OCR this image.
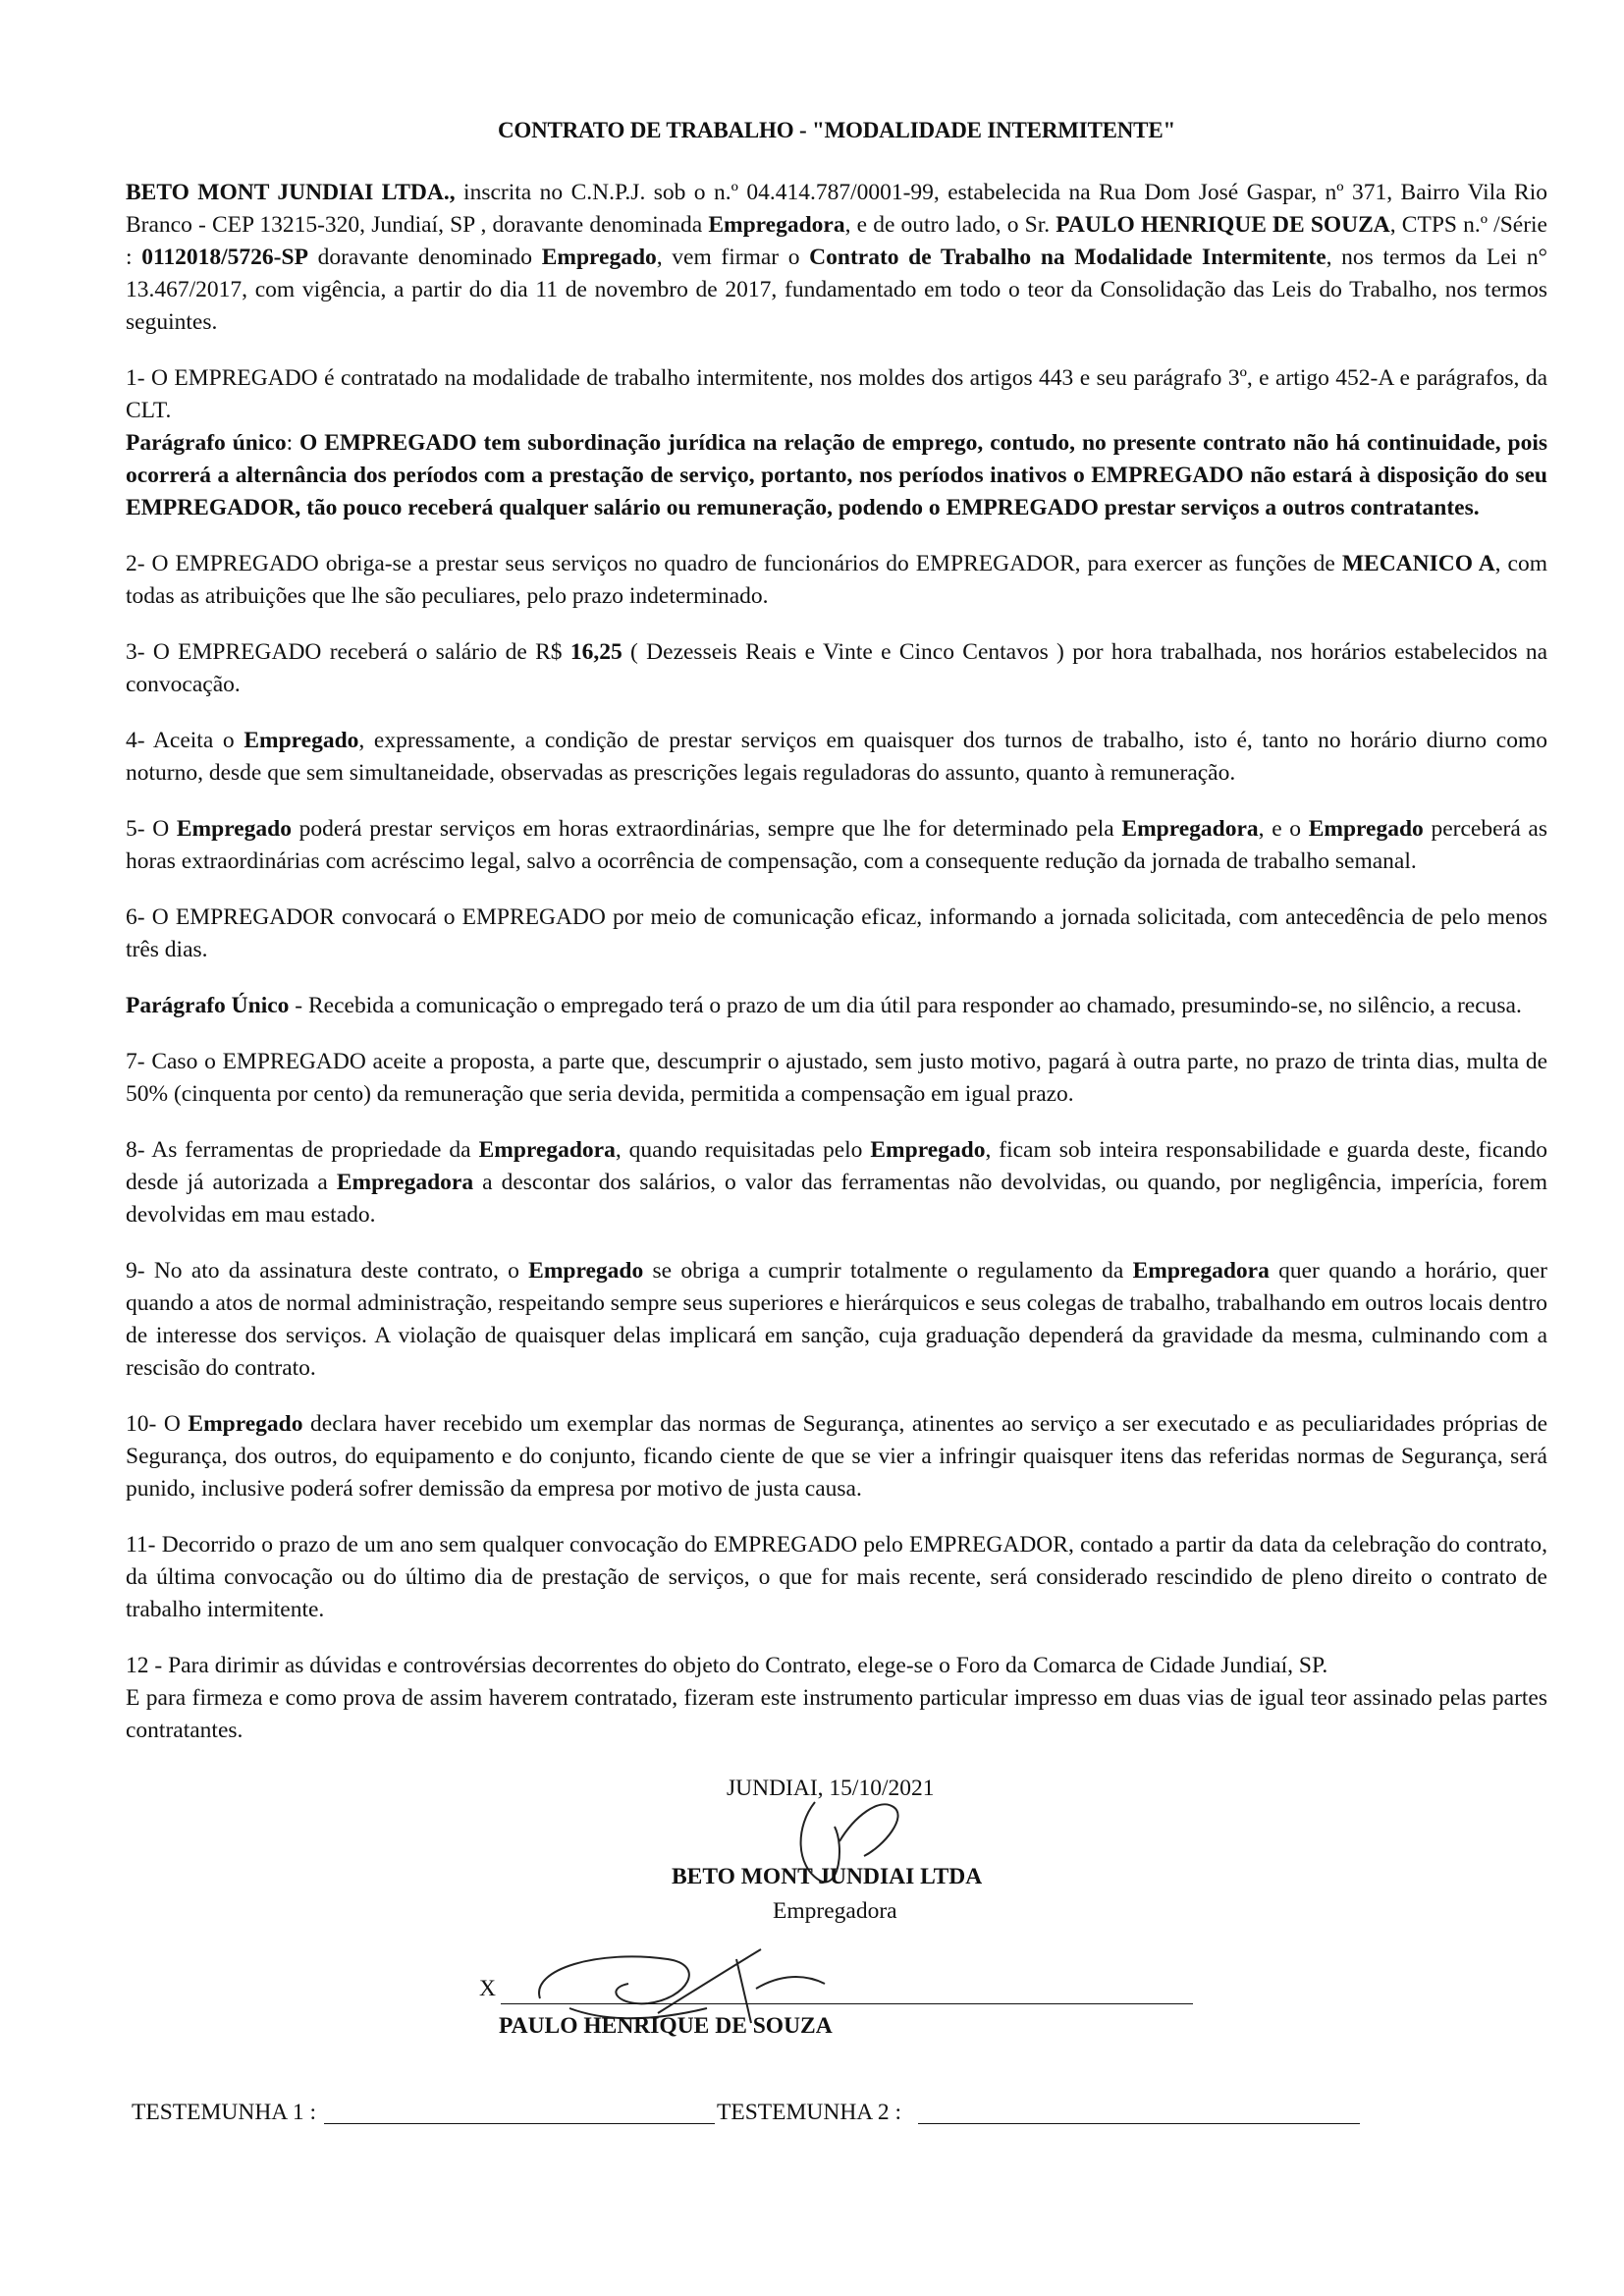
CONTRATO DE TRABALHO - "MODALIDADE INTERMITENTE"

BETO MONT JUNDIAI LTDA., inscrita no C.N.P.J. sob o n.º 04.414.787/0001-99, estabelecida na Rua Dom José Gaspar, nº 371, Bairro Vila Rio Branco - CEP 13215-320, Jundiaí, SP , doravante denominada Empregadora, e de outro lado, o Sr. PAULO HENRIQUE DE SOUZA, CTPS n.º /Série : 0112018/5726-SP doravante denominado Empregado, vem firmar o Contrato de Trabalho na Modalidade Intermitente, nos termos da Lei n° 13.467/2017, com vigência, a partir do dia 11 de novembro de 2017, fundamentado em todo o teor da Consolidação das Leis do Trabalho, nos termos seguintes.

1- O EMPREGADO é contratado na modalidade de trabalho intermitente, nos moldes dos artigos 443 e seu parágrafo 3º, e artigo 452-A e parágrafos, da CLT.

Parágrafo único: O EMPREGADO tem subordinação jurídica na relação de emprego, contudo, no presente contrato não há continuidade, pois ocorrerá a alternância dos períodos com a prestação de serviço, portanto, nos períodos inativos o EMPREGADO não estará à disposição do seu EMPREGADOR, tão pouco receberá qualquer salário ou remuneração, podendo o EMPREGADO prestar serviços a outros contratantes.

2- O EMPREGADO obriga-se a prestar seus serviços no quadro de funcionários do EMPREGADOR, para exercer as funções de MECANICO A, com todas as atribuições que lhe são peculiares, pelo prazo indeterminado.

3- O EMPREGADO receberá o salário de R$ 16,25 ( Dezesseis Reais e Vinte e Cinco Centavos ) por hora trabalhada, nos horários estabelecidos na convocação.

4- Aceita o Empregado, expressamente, a condição de prestar serviços em quaisquer dos turnos de trabalho, isto é, tanto no horário diurno como noturno, desde que sem simultaneidade, observadas as prescrições legais reguladoras do assunto, quanto à remuneração.

5- O Empregado poderá prestar serviços em horas extraordinárias, sempre que lhe for determinado pela Empregadora, e o Empregado perceberá as horas extraordinárias com acréscimo legal, salvo a ocorrência de compensação, com a consequente redução da jornada de trabalho semanal.

6- O EMPREGADOR convocará o EMPREGADO por meio de comunicação eficaz, informando a jornada solicitada, com antecedência de pelo menos três dias.

Parágrafo Único - Recebida a comunicação o empregado terá o prazo de um dia útil para responder ao chamado, presumindo-se, no silêncio, a recusa.

7- Caso o EMPREGADO aceite a proposta, a parte que, descumprir o ajustado, sem justo motivo, pagará à outra parte, no prazo de trinta dias, multa de 50% (cinquenta por cento) da remuneração que seria devida, permitida a compensação em igual prazo.

8- As ferramentas de propriedade da Empregadora, quando requisitadas pelo Empregado, ficam sob inteira responsabilidade e guarda deste, ficando desde já autorizada a Empregadora a descontar dos salários, o valor das ferramentas não devolvidas, ou quando, por negligência, imperícia, forem devolvidas em mau estado.

9- No ato da assinatura deste contrato, o Empregado se obriga a cumprir totalmente o regulamento da Empregadora quer quando a horário, quer quando a atos de normal administração, respeitando sempre seus superiores e hierárquicos e seus colegas de trabalho, trabalhando em outros locais dentro de interesse dos serviços. A violação de quaisquer delas implicará em sanção, cuja graduação dependerá da gravidade da mesma, culminando com a rescisão do contrato.

10- O Empregado declara haver recebido um exemplar das normas de Segurança, atinentes ao serviço a ser executado e as peculiaridades próprias de Segurança, dos outros, do equipamento e do conjunto, ficando ciente de que se vier a infringir quaisquer itens das referidas normas de Segurança, será punido, inclusive poderá sofrer demissão da empresa por motivo de justa causa.

11- Decorrido o prazo de um ano sem qualquer convocação do EMPREGADO pelo EMPREGADOR, contado a partir da data da celebração do contrato, da última convocação ou do último dia de prestação de serviços, o que for mais recente, será considerado rescindido de pleno direito o contrato de trabalho intermitente.

12 - Para dirimir as dúvidas e controvérsias decorrentes do objeto do Contrato, elege-se o Foro da Comarca de Cidade Jundiaí, SP.

E para firmeza e como prova de assim haverem contratado, fizeram este instrumento particular impresso em duas vias de igual teor assinado pelas partes contratantes.

JUNDIAI, 15/10/2021
BETO MONT JUNDIAI LTDA
Empregadora
X
PAULO HENRIQUE DE SOUZA
TESTEMUNHA 1 :	TESTEMUNHA 2 :
